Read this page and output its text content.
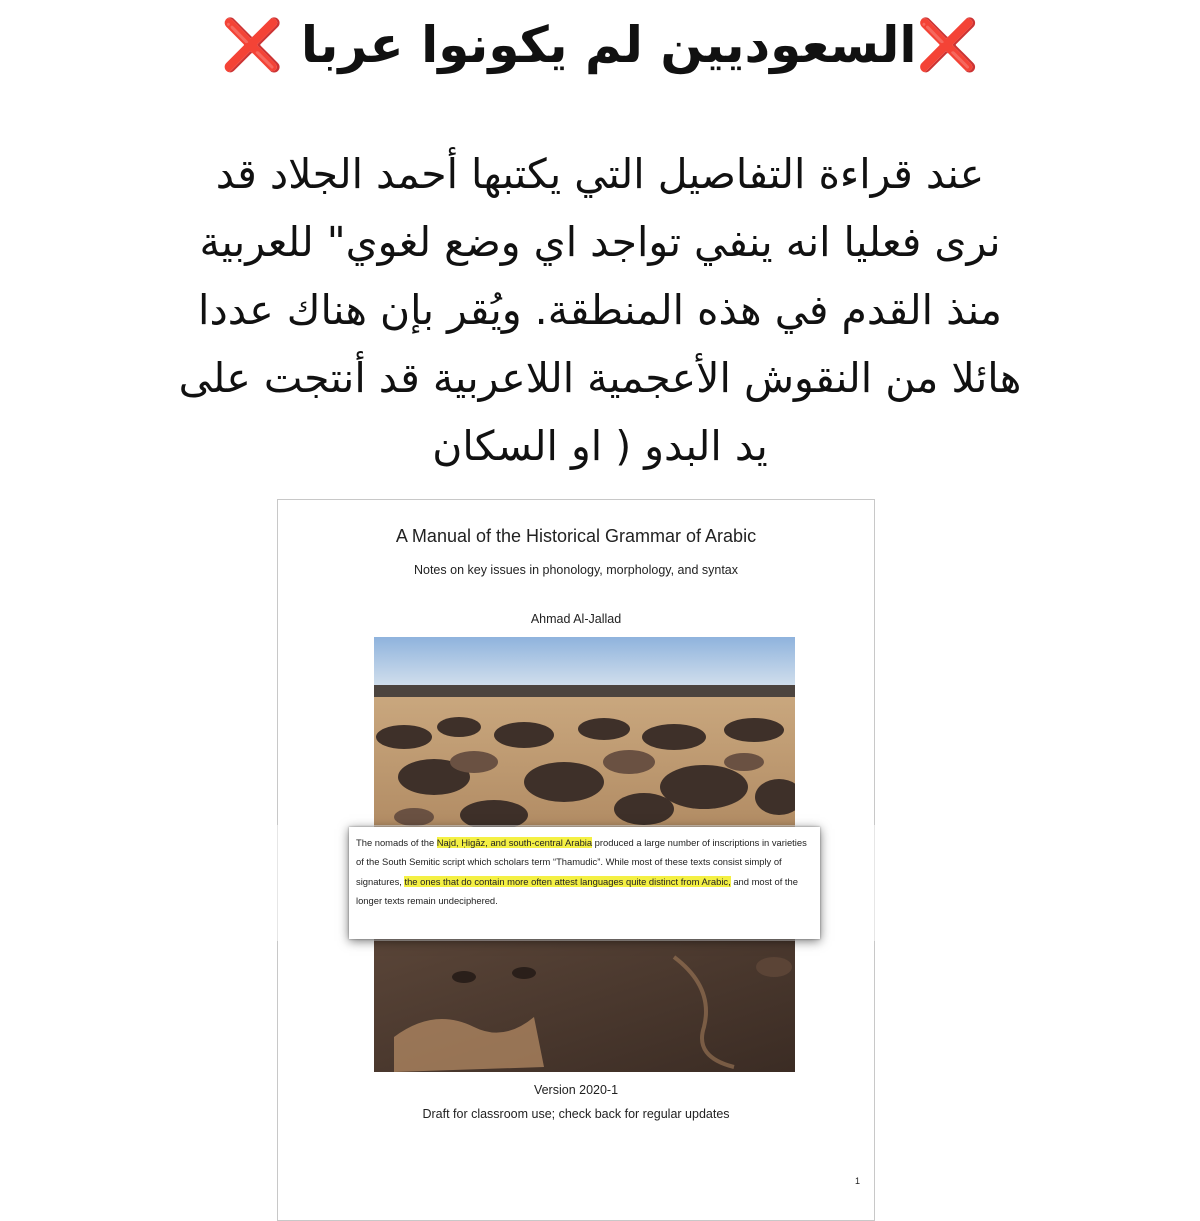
❌السعوديين لم يكونوا عربا ❌
عند قراءة التفاصيل التي يكتبها أحمد الجلاد قد
نرى فعليا انه ينفي تواجد اي وضع لغوي" للعربية
منذ القدم في هذه المنطقة. ويُقر بإن هناك عددا
هائلا من النقوش الأعجمية اللاعربية قد أنتجت على
يد البدو ( او السكان
A Manual of the Historical Grammar of Arabic
Notes on key issues in phonology, morphology, and syntax
Ahmad Al-Jallad
The nomads of the Najd, Ḥigāz, and south-central Arabia produced a large number of inscriptions in varieties of the South Semitic script which scholars term “Thamudic”. While most of these texts consist simply of signatures, the ones that do contain more often attest languages quite distinct from Arabic, and most of the longer texts remain undeciphered.
Version 2020-1
Draft for classroom use; check back for regular updates
1
